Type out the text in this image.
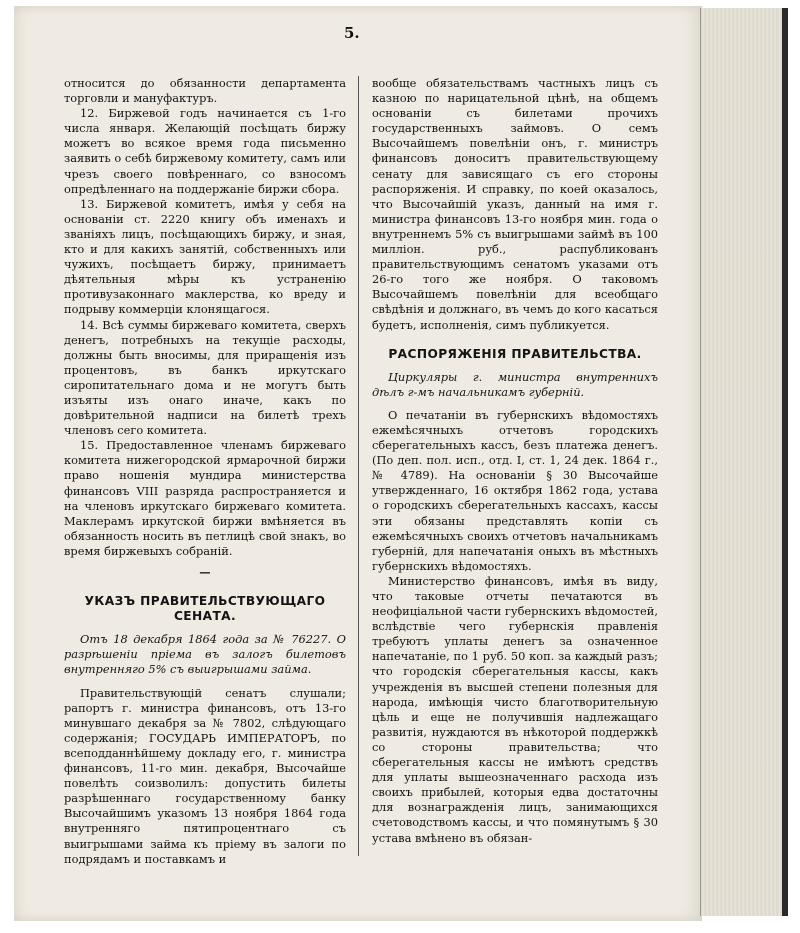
5.

относится до обязанности департамента торговли и мануфактуръ.

12. Биржевой годъ начинается съ 1-го числа января. Желающій посѣщать биржу можетъ во всякое время года письменно заявить о себѣ биржевому комитету, самъ или чрезъ своего повѣреннаго, со взносомъ опредѣленнаго на поддержаніе биржи сбора.

13. Биржевой комитетъ, имѣя у себя на основаніи ст. 2220 книгу объ именахъ и званіяхъ лицъ, посѣщающихъ биржу, и зная, кто и для какихъ занятій, собственныхъ или чужихъ, посѣщаетъ биржу, принимаетъ дѣятельныя мѣры къ устраненію противузаконнаго маклерства, ко вреду и подрыву коммерціи клонящагося.

14. Всѣ суммы биржеваго комитета, сверхъ денегъ, потребныхъ на текущіе расходы, должны быть вносимы, для приращенія изъ процентовъ, въ банкъ иркутскаго сиропитательнаго дома и не могутъ быть изъяты изъ онаго иначе, какъ по довѣрительной надписи на билетѣ трехъ членовъ сего комитета.

15. Предоставленное членамъ биржеваго комитета нижегородской ярмарочной биржи право ношенія мундира министерства финансовъ VIII разряда распространяется и на членовъ иркутскаго биржеваго комитета. Маклерамъ иркутской биржи вмѣняется въ обязанность носить въ петлицѣ свой знакъ, во время биржевыхъ собраній.

—

УКАЗЪ ПРАВИТЕЛЬСТВУЮЩАГО СЕНАТА.

Отъ 18 декабря 1864 года за № 76227. О разрѣшеніи пріема въ залогъ билетовъ внутренняго 5% съ выигрышами займа.

Правительствующій сенатъ слушали; рапортъ г. министра финансовъ, отъ 13-го минувшаго декабря за № 7802, слѣдующаго содержанія; ГОСУДАРЬ ИМПЕРАТОРЪ, по всеподданнѣйшему докладу его, г. министра финансовъ, 11-го мин. декабря, Высочайше повелѣть соизволилъ: допустить билеты разрѣшеннаго государственному банку Высочайшимъ указомъ 13 ноября 1864 года внутренняго пятипроцентнаго съ выигрышами займа къ пріему въ залоги по подрядамъ и поставкамъ и

вообще обязательствамъ частныхъ лицъ съ казною по нарицательной цѣнѣ, на общемъ основаніи съ билетами прочихъ государственныхъ займовъ. О семъ Высочайшемъ повелѣніи онъ, г. министръ финансовъ доноситъ правительствующему сенату для зависящаго съ его стороны распоряженія. И справку, по коей оказалось, что Высочайшій указъ, данный на имя г. министра финансовъ 13-го ноября мин. года о внутреннемъ 5% съ выигрышами займѣ въ 100 милліон. руб., распубликованъ правительствующимъ сенатомъ указами отъ 26-го того же ноября. О таковомъ Высочайшемъ повелѣніи для всеобщаго свѣдѣнія и должнаго, въ чемъ до кого касаться будетъ, исполненія, симъ публикуется.

РАСПОРЯЖЕНІЯ ПРАВИТЕЛЬСТВА.

Циркуляры г. министра внутреннихъ дѣлъ г-мъ начальникамъ губерній.

О печатаніи въ губернскихъ вѣдомостяхъ ежемѣсячныхъ отчетовъ городскихъ сберегательныхъ кассъ, безъ платежа денегъ. (По деп. пол. исп., отд. I, ст. 1, 24 дек. 1864 г., № 4789). На основаніи § 30 Высочайше утвержденнаго, 16 октября 1862 года, устава о городскихъ сберегательныхъ кассахъ, кассы эти обязаны представлять копіи съ ежемѣсячныхъ своихъ отчетовъ начальникамъ губерній, для напечатанія оныхъ въ мѣстныхъ губернскихъ вѣдомостяхъ.

Министерство финансовъ, имѣя въ виду, что таковые отчеты печатаются въ неофиціальной части губернскихъ вѣдомостей, вслѣдствіе чего губернскія правленія требуютъ уплаты денегъ за означенное напечатаніе, по 1 руб. 50 коп. за каждый разъ; что городскія сберегательныя кассы, какъ учрежденія въ высшей степени полезныя для народа, имѣющія чисто благотворительную цѣль и еще не получившія надлежащаго развитія, нуждаются въ нѣкоторой поддержкѣ со стороны правительства; что сберегательныя кассы не имѣютъ средствъ для уплаты вышеозначеннаго расхода изъ своихъ прибылей, которыя едва достаточны для вознагражденія лицъ, занимающихся счетоводствомъ кассы, и что помянутымъ § 30 устава вмѣнено въ обязан-
